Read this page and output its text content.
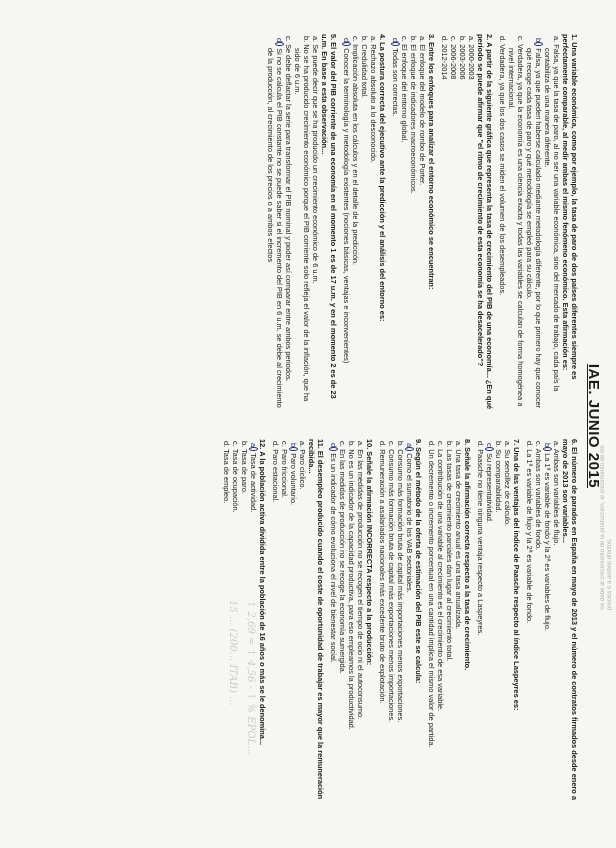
Se debe al crecimiento de la producción, al crecimiento de los precios o a ambos efectos.
IAE. JUNIO 2015
1.Una variable económica, como por ejemplo, la tasa de paro de dos países diferentes siempre es perfectamente comparable, al medir ambas el mismo fenómeno económico. Esta afirmación es:
a. Falsa, ya que la tasa de paro, al no ser una variable económica, sino del mercado de trabajo, cada país la contabiliza de una manera diferente.
b. Falsa, ya que pueden haberse calculado mediante metodología diferente, por lo que primero hay que conocer qué recoge cada tasa de paro y qué metodología se empleó para su cálculo.
c. Verdadera, ya que la economía es una ciencia exacta y todas las variables se calculan de forma homogénea a nivel internacional.
d. Verdadera, ya que los dos casos se miden el volumen de los desempleados.
2.A partir de la siguiente gráfica que representa la tasa de crecimiento del PIB de una economía... ¿En qué período se puede afirmar que "el ritmo de crecimiento de esta economía se ha desacelerado"?
a. 2000-2003
b. 2003-2006
c. 2006-2008
d. 2012-2014
3.Entre los enfoques para analizar el entorno económico se encuentran:
a. El enfoque del modelo de rombo de Porter.
b. El enfoque de indicadores macroeconómicos.
c. El enfoque del entorno global.
d. Todas son correctas.
4.La postura correcta del ejecutivo ante la predicción y el análisis del entorno es:
a. Rechazo absoluto a lo desconocido.
b. Credulidad total.
c. Implicación absoluta en los cálculos y en el detalle de la predicción.
d. Conocer la terminología y metodología existentes (nociones básicas, ventajas e inconvenientes)
5.El valor del PIB corriente de una economía en el momento 1 es de 17 u.m. y en el momento 2 es de 23 u.m. En base a esta observación...
a. Se puede decir que se ha producido un crecimiento económico de 6 u.m.
b. No se ha producido crecimiento económico porque el PIB corriente solo refleja el valor de la inflación, que ha sido de 6 u.m.
c. Se debe deflactar la serie para transformar el PIB nominal y poder así comparar entre ambos periodos.
d. Si no se calcula el PIB constante no se puede saber si el incremento del PIB en 6 u.m. se debe al crecimiento de la producción, al crecimiento de los precios o a ambos efectos
6.El número de parados en España en mayo de 2013 y el número de contratos firmados desde enero a mayo de 2013 son variables...
a. Ambas son variables de flujo.
b. La 1ª es variable de fondo y la 2ª es variables de flujo.
c. Ambas son variables de fondo.
d. La 1ª es variable de flujo y la 2ª es variable de fondo.
7.Una de las ventajas del índice de Paasche respecto al índice Laspeyres es:
a. Su sencillez de cálculo.
b. Su comparabilidad.
c. Su representatividad.
d. Paasche no tiene ninguna ventaja respecto a Laspeyres.
8.Señale la afirmación correcta respecto a la tasa de crecimiento.
a. Una tasa de crecimiento anual es una tasa anualizada.
b. Las tasas de crecimiento parciales dan lugar al crecimiento total.
c. La contribución de una variable al crecimiento es el crecimiento de esa variable.
d. Un decremento o incremento porcentual en una cantidad implica el mismo valor de partida.
9.Según el método de la oferta de estimación del PIB este se calcula:
a. Como el sumatorio de los VAB sectoriales.
b. Consumo más formación bruta de capital más importaciones menos exportaciones.
c. Consumo más formación bruta de capital más exportaciones menos importaciones.
d. Remuneración a asalariados nacionales más excedente bruto de explotación.
10.Señale la afirmación INCORRECTA respecto a la producción:
a. En las medidas de producción no se recogen el tiempo de ocio ni el autoconsumo.
b. No es un indicador de la capacidad productiva, para eso empleamos la productividad.
c. En las medidas de producción no se recoge la economía sumergida.
d. Es un indicador de cómo evoluciona el nivel de bienestar social.
11.El desempleo producido cuando el coste de oportunidad de trabajar es mayor que la remuneración recibida...
a. Paro cíclico.
b. Paro voluntario.
c. Paro friccional.
d. Paro estacional.
12.A la población activa dividida entre la población de 16 años o más se le denomina...
a. Tasa de actividad.
b. Tasa de paro.
c. Tasa de ocupación.
d. Tasa de empleo.
↑ 2,69 = ↑ 4,56 - ↑ % EPOL...
15 ... (200... ITAB) ...
